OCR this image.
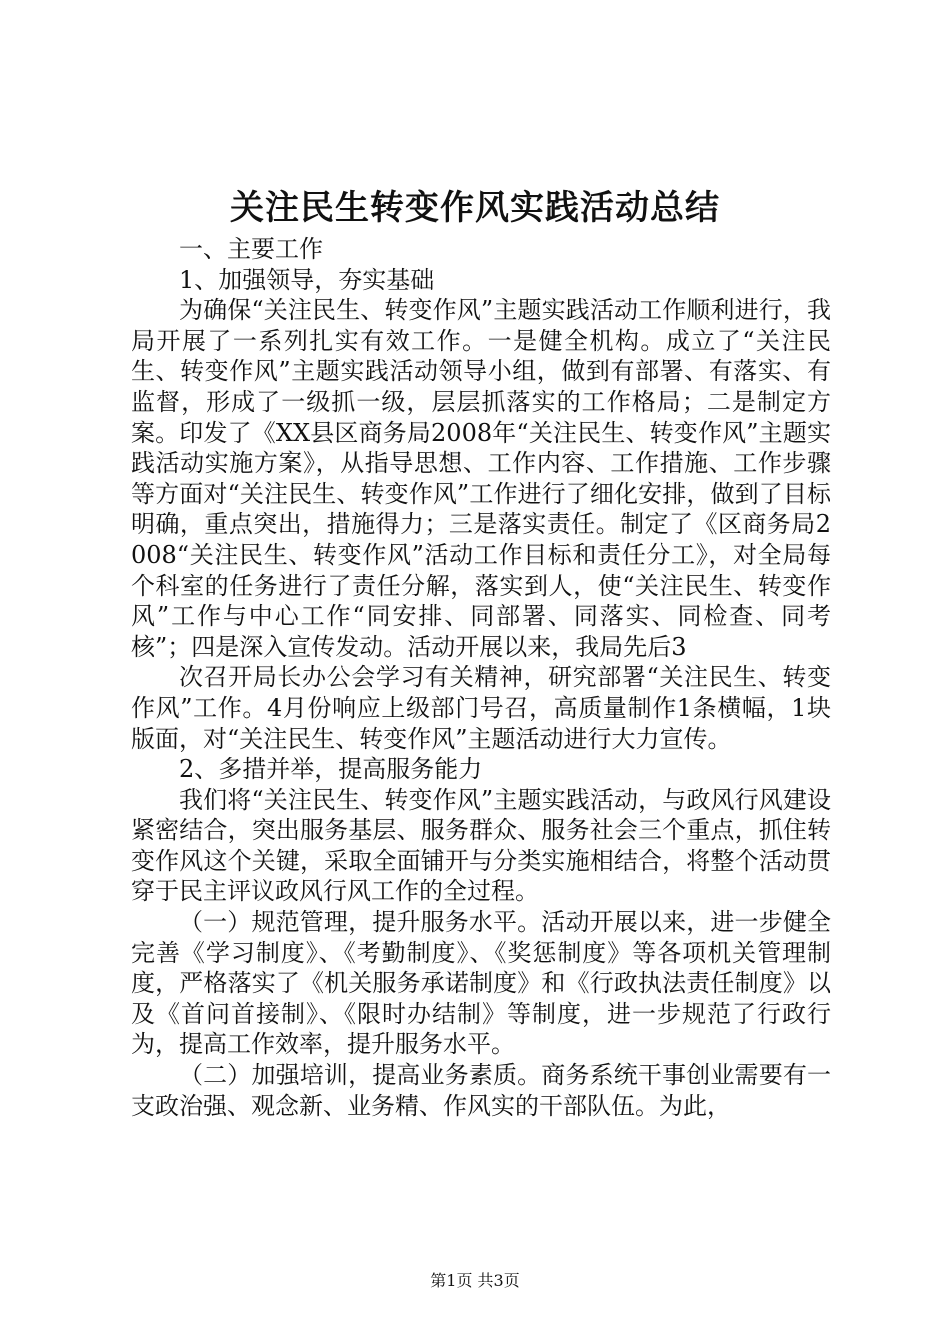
关注民生转变作风实践活动总结

一、主要工作

1、加强领导，夯实基础

为确保“关注民生、转变作风”主题实践活动工作顺利进行，我局开展了一系列扎实有效工作。一是健全机构。成立了“关注民生、转变作风”主题实践活动领导小组，做到有部署、有落实、有监督，形成了一级抓一级，层层抓落实的工作格局；二是制定方案。印发了《XX县区商务局2008年“关注民生、转变作风”主题实践活动实施方案》，从指导思想、工作内容、工作措施、工作步骤等方面对“关注民生、转变作风”工作进行了细化安排，做到了目标明确，重点突出，措施得力；三是落实责任。制定了《区商务局2008“关注民生、转变作风”活动工作目标和责任分工》，对全局每个科室的任务进行了责任分解，落实到人，使“关注民生、转变作风”工作与中心工作“同安排、同部署、同落实、同检查、同考核”；四是深入宣传发动。活动开展以来，我局先后3

次召开局长办公会学习有关精神，研究部署“关注民生、转变作风”工作。4月份响应上级部门号召，高质量制作1条横幅，1块版面，对“关注民生、转变作风”主题活动进行大力宣传。

2、多措并举，提高服务能力

我们将“关注民生、转变作风”主题实践活动，与政风行风建设紧密结合，突出服务基层、服务群众、服务社会三个重点，抓住转变作风这个关键，采取全面铺开与分类实施相结合，将整个活动贯穿于民主评议政风行风工作的全过程。

（一）规范管理，提升服务水平。活动开展以来，进一步健全完善《学习制度》、《考勤制度》、《奖惩制度》等各项机关管理制度，严格落实了《机关服务承诺制度》和《行政执法责任制度》以及《首问首接制》、《限时办结制》等制度，进一步规范了行政行为，提高工作效率，提升服务水平。

（二）加强培训，提高业务素质。商务系统干事创业需要有一支政治强、观念新、业务精、作风实的干部队伍。为此，

第1页 共3页
